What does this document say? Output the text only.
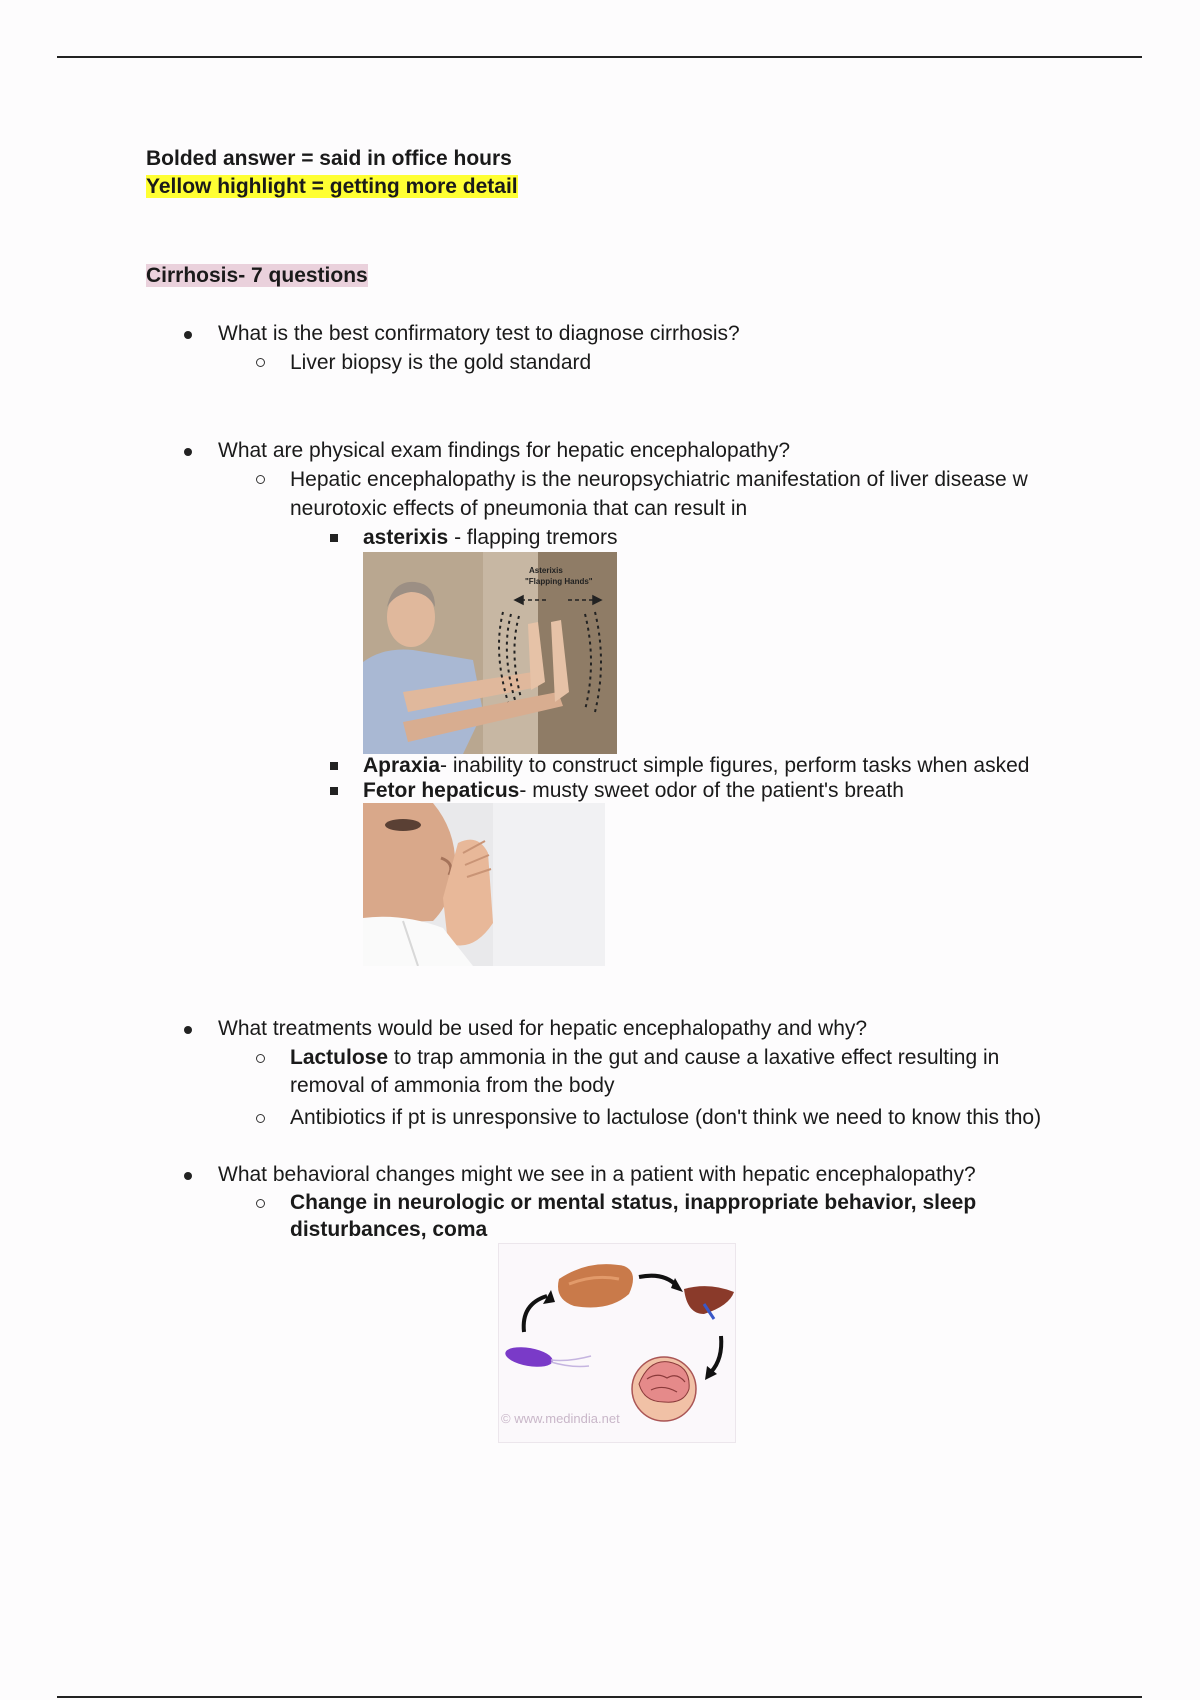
Bolded answer = said in office hours
Yellow highlight = getting more detail
Cirrhosis- 7 questions
What is the best confirmatory test to diagnose cirrhosis?
Liver biopsy is the gold standard
What are physical exam findings for hepatic encephalopathy?
Hepatic encephalopathy is the neuropsychiatric manifestation of liver disease w
neurotoxic effects of pneumonia that can result in
asterixis - flapping tremors
Asterixis
"Flapping Hands"
Apraxia- inability to construct simple figures, perform tasks when asked
Fetor hepaticus- musty sweet odor of the patient's breath
What treatments would be used for hepatic encephalopathy and why?
Lactulose to trap ammonia in the gut and cause a laxative effect resulting in
removal of ammonia from the body
Antibiotics if pt is unresponsive to lactulose (don't think we need to know this tho)
What behavioral changes might we see in a patient with hepatic encephalopathy?
Change in neurologic or mental status, inappropriate behavior, sleep
disturbances, coma
© www.medindia.net
